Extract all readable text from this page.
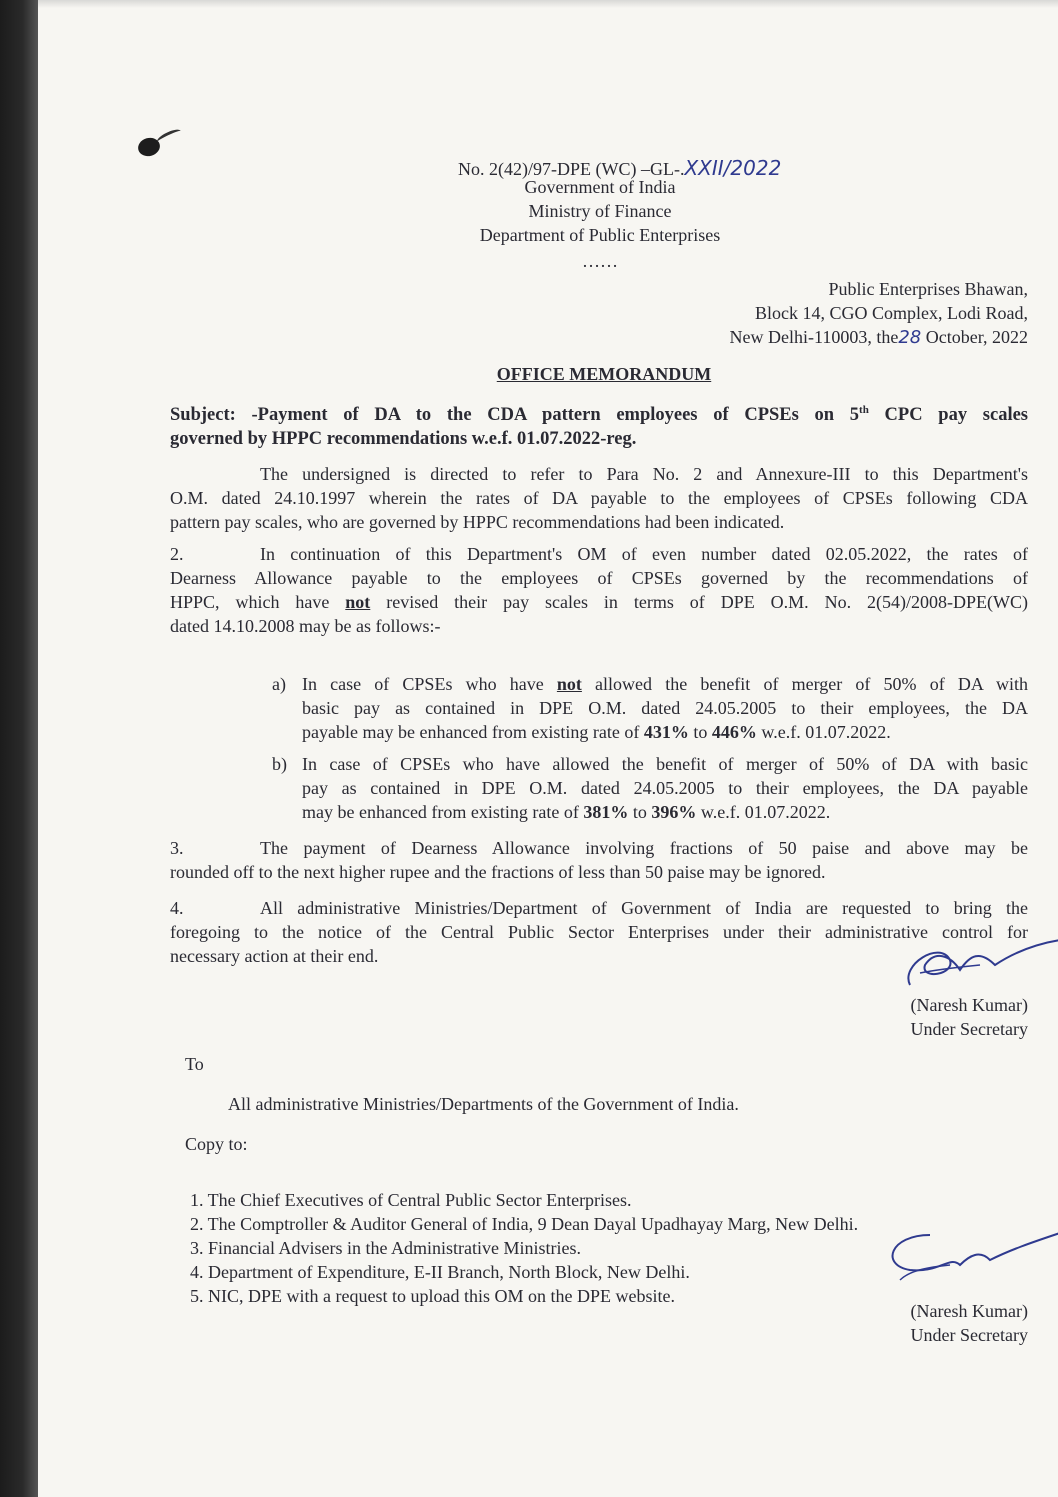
No. 2(42)/97-DPE (WC) –GL-.XXII/2022
Government of India
Ministry of Finance
Department of Public Enterprises
……
Public Enterprises Bhawan,
Block 14, CGO Complex, Lodi Road,
New Delhi-110003, the28 October, 2022
OFFICE MEMORANDUM
Subject: -Payment of DA to the CDA pattern employees of CPSEs on 5th CPC pay scales
governed by HPPC recommendations w.e.f. 01.07.2022-reg.
The undersigned is directed to refer to Para No. 2 and Annexure-III to this Department's
O.M. dated 24.10.1997 wherein the rates of DA payable to the employees of CPSEs following CDA
pattern pay scales, who are governed by HPPC recommendations had been indicated.
2.	In continuation of this Department's OM of even number dated 02.05.2022, the rates of
Dearness Allowance payable to the employees of CPSEs governed by the recommendations of
HPPC, which have not revised their pay scales in terms of DPE O.M. No. 2(54)/2008-DPE(WC)
dated 14.10.2008 may be as follows:-
a) In case of CPSEs who have not allowed the benefit of merger of 50% of DA with
basic pay as contained in DPE O.M. dated 24.05.2005 to their employees, the DA
payable may be enhanced from existing rate of 431% to 446% w.e.f. 01.07.2022.
b) In case of CPSEs who have allowed the benefit of merger of 50% of DA with basic
pay as contained in DPE O.M. dated 24.05.2005 to their employees, the DA payable
may be enhanced from existing rate of 381% to 396% w.e.f. 01.07.2022.
3.	The payment of Dearness Allowance involving fractions of 50 paise and above may be
rounded off to the next higher rupee and the fractions of less than 50 paise may be ignored.
4.	All administrative Ministries/Department of Government of India are requested to bring the
foregoing to the notice of the Central Public Sector Enterprises under their administrative control for
necessary action at their end.
(Naresh Kumar)
Under Secretary
To
All administrative Ministries/Departments of the Government of India.
Copy to:
1. The Chief Executives of Central Public Sector Enterprises.
2. The Comptroller & Auditor General of India, 9 Dean Dayal Upadhayay Marg, New Delhi.
3. Financial Advisers in the Administrative Ministries.
4. Department of Expenditure, E-II Branch, North Block, New Delhi.
5. NIC, DPE with a request to upload this OM on the DPE website.
(Naresh Kumar)
Under Secretary
